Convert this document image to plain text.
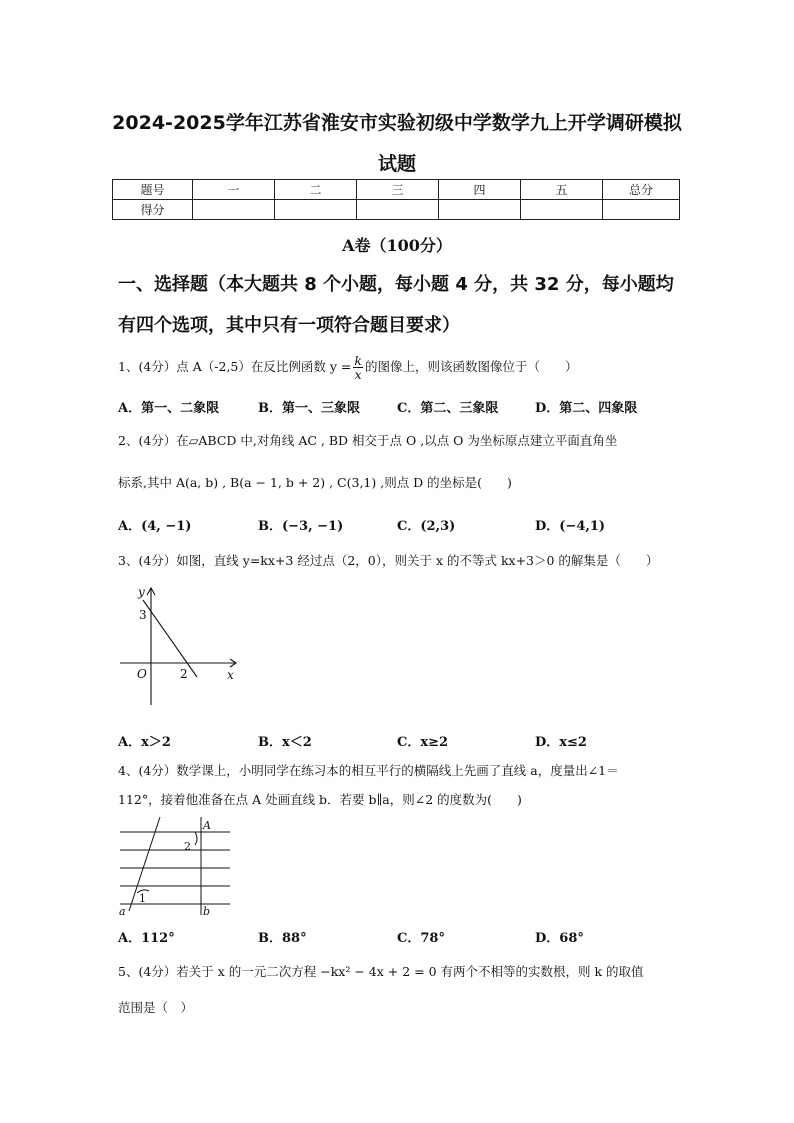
2024-2025学年江苏省淮安市实验初级中学数学九上开学调研模拟
试题
题号	一	二	三	四	五	总分
得分						
A卷（100分）
一、选择题（本大题共 8 个小题，每小题 4 分，共 32 分，每小题均
有四个选项，其中只有一项符合题目要求）
1、(4分）点 A（-2,5）在反比例函数 $y = \frac{k}{x}$ 的图像上，则该函数图像位于（　　）
A．第一、二象限	B．第一、三象限	C．第二、三象限	D．第二、四象限
2、(4分）在▱ABCD 中,对角线 AC , BD 相交于点 O ,以点 O 为坐标原点建立平面直角坐
标系,其中 A(a, b) , B(a − 1, b + 2) , C(3,1) ,则点 D 的坐标是(　　)
A．(4, −1)	B．(−3, −1)	C．(2,3)	D．(−4,1)
3、(4分）如图，直线 y=kx+3 经过点（2，0），则关于 x 的不等式 kx+3＞0 的解集是（　　）
y
x
O
3
2
A．x＞2	B．x＜2	C．x≥2	D．x≤2
4、(4分）数学课上，小明同学在练习本的相互平行的横隔线上先画了直线 a，度量出∠1＝
112°，接着他准备在点 A 处画直线 b．若要 b∥a，则∠2 的度数为(　　)
A
2
1
a	b
A．112°	B．88°	C．78°	D．68°
5、(4分）若关于 x 的一元二次方程 −kx² − 4x + 2 = 0 有两个不相等的实数根，则 k 的取值
范围是（　）
